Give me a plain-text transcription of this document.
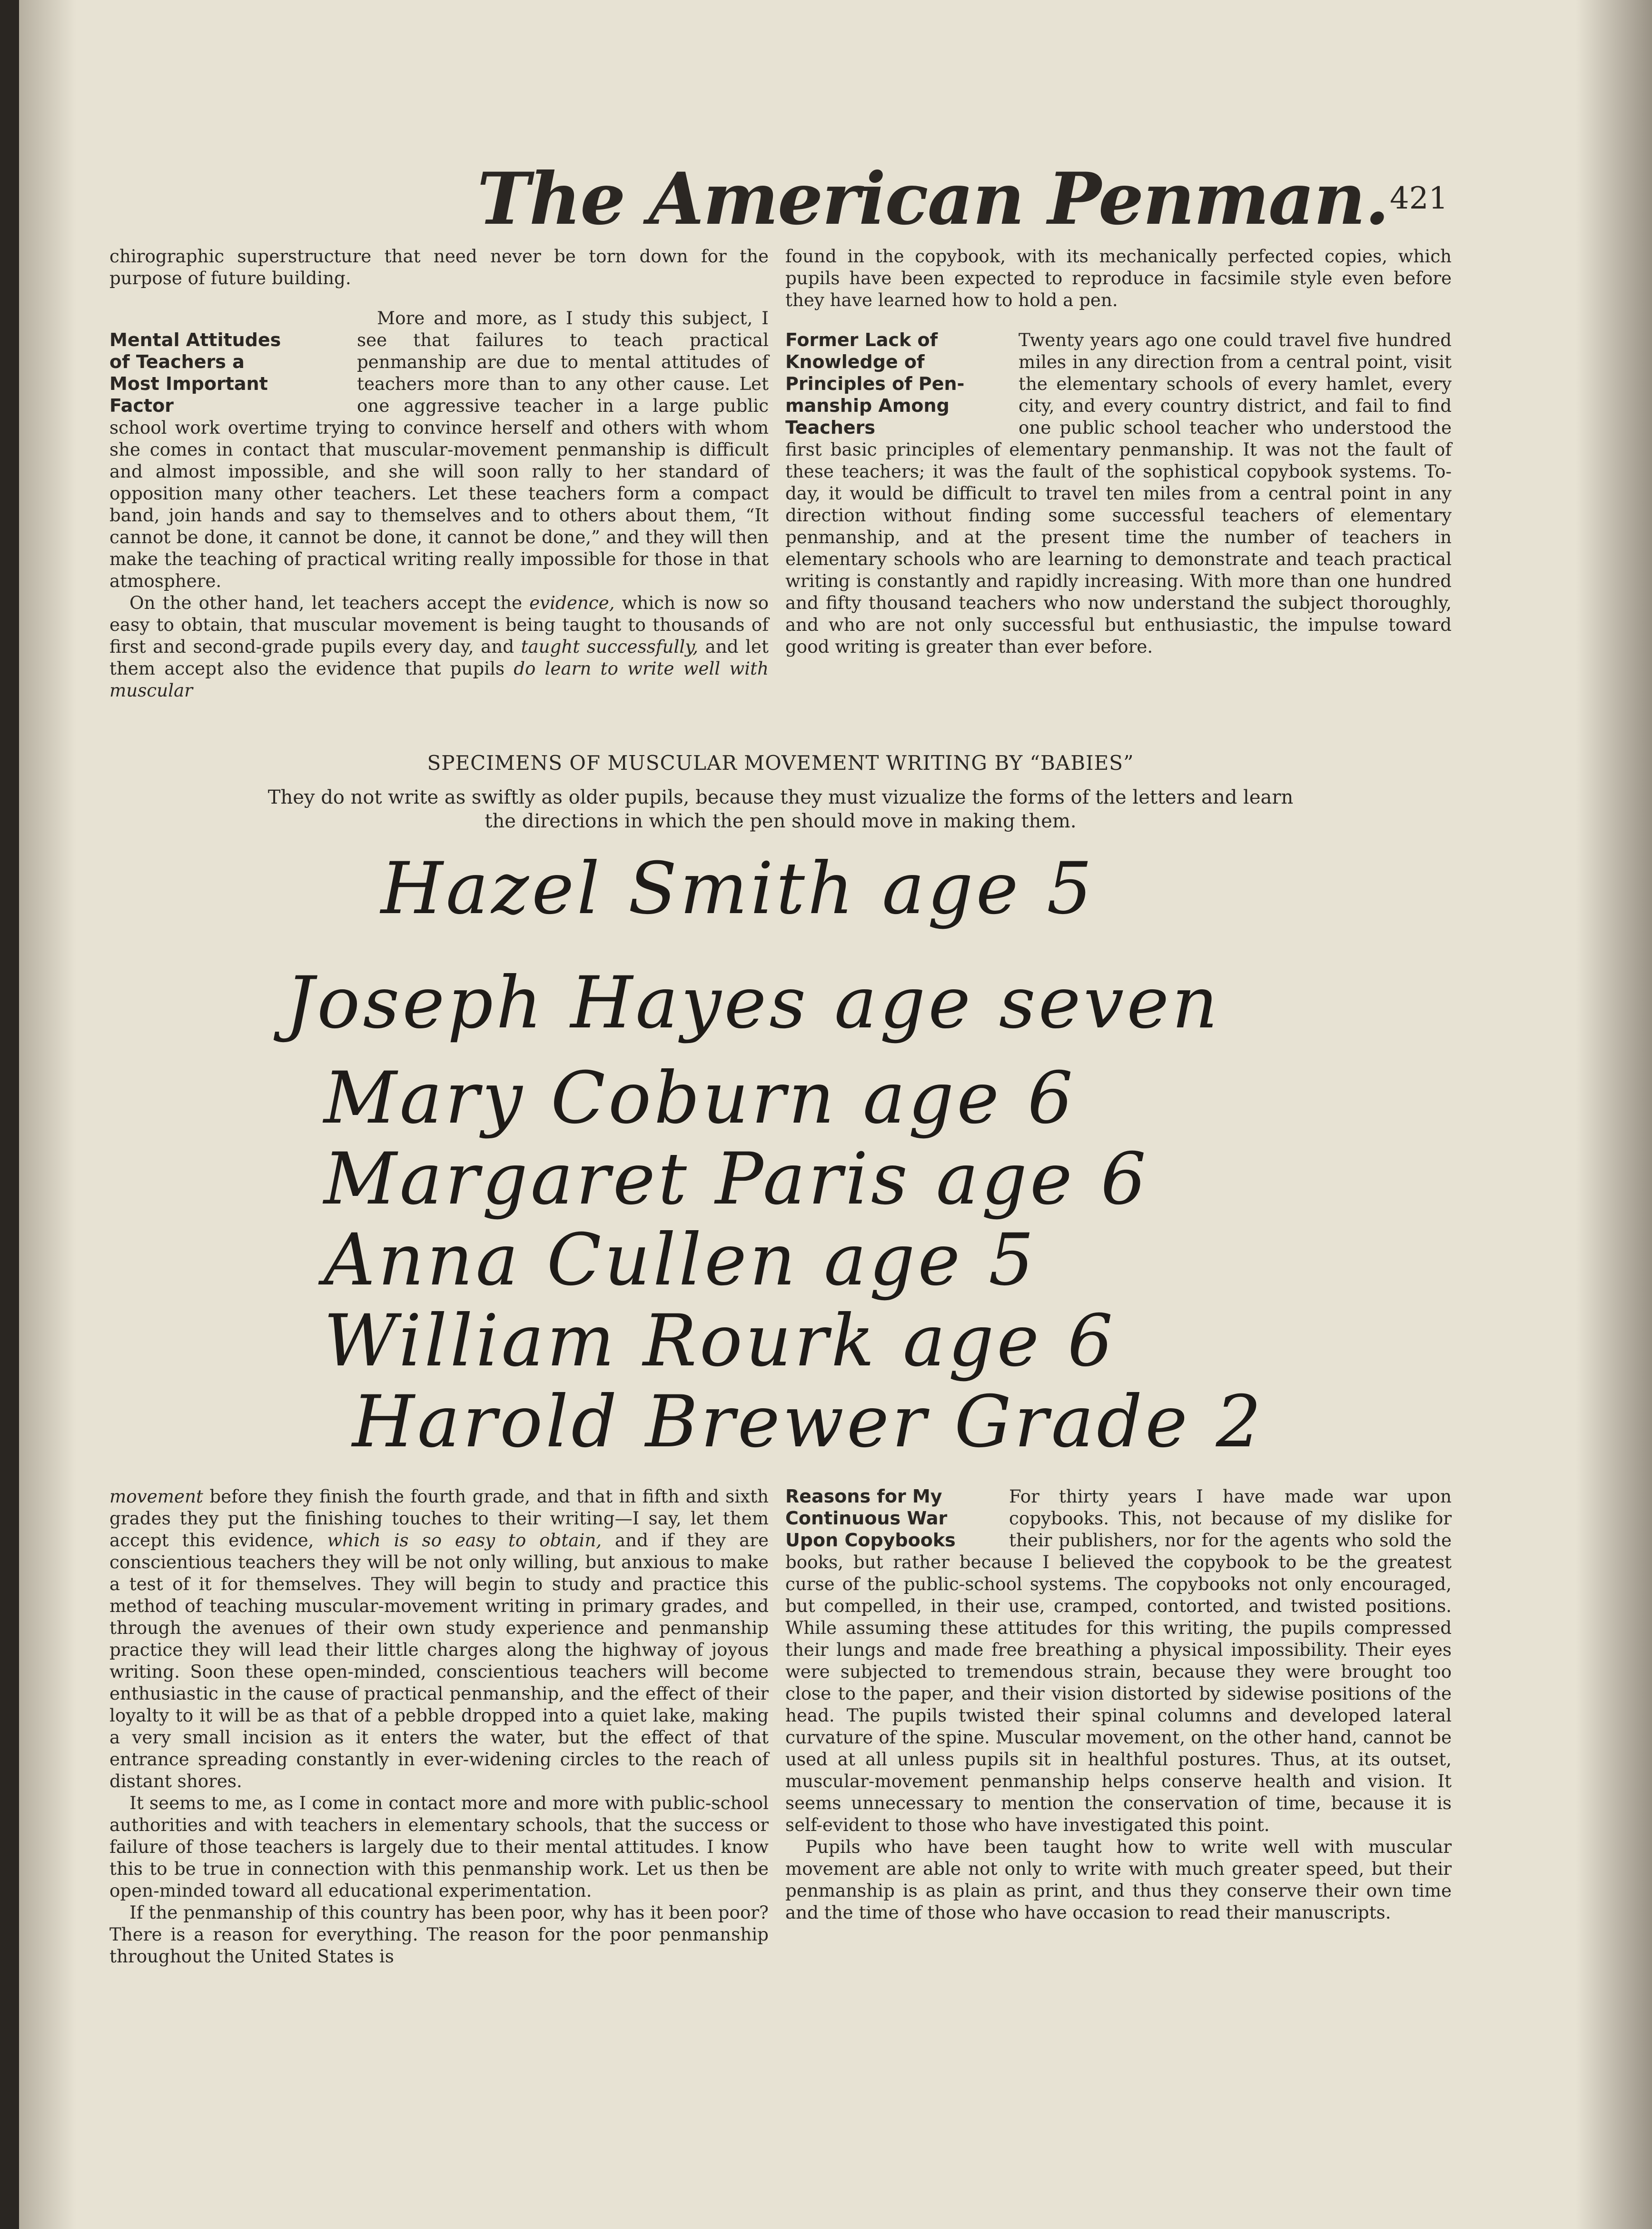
The American Penman. 421

chirographic superstructure that need never be torn down for the purpose of future building.

Mental Attitudes
of Teachers a
Most Important
Factor

More and more, as I study this subject, I see that failures to teach practical penmanship are due to mental attitudes of teachers more than to any other cause. Let one aggressive teacher in a large public school work overtime trying to convince herself and others with whom she comes in contact that muscular-movement penmanship is difficult and almost impossible, and she will soon rally to her standard of opposition many other teachers. Let these teachers form a compact band, join hands and say to themselves and to others about them, “It cannot be done, it cannot be done, it cannot be done,” and they will then make the teaching of practical writing really impossible for those in that atmosphere.

On the other hand, let teachers accept the evidence, which is now so easy to obtain, that muscular movement is being taught to thousands of first and second-grade pupils every day, and taught successfully, and let them accept also the evidence that pupils do learn to write well with muscular

found in the copybook, with its mechanically perfected copies, which pupils have been expected to reproduce in facsimile style even before they have learned how to hold a pen.

Former Lack of
Knowledge of
Principles of Pen-
manship Among
Teachers

Twenty years ago one could travel five hundred miles in any direction from a central point, visit the elementary schools of every hamlet, every city, and every country district, and fail to find one public school teacher who understood the first basic principles of elementary penmanship. It was not the fault of these teachers; it was the fault of the sophistical copybook systems. To-day, it would be difficult to travel ten miles from a central point in any direction without finding some successful teachers of elementary penmanship, and at the present time the number of teachers in elementary schools who are learning to demonstrate and teach practical writing is constantly and rapidly increasing. With more than one hundred and fifty thousand teachers who now understand the subject thoroughly, and who are not only successful but enthusiastic, the impulse toward good writing is greater than ever before.

SPECIMENS OF MUSCULAR MOVEMENT WRITING BY “BABIES”
They do not write as swiftly as older pupils, because they must vizualize the forms of the letters and learn the directions in which the pen should move in making them.
Hazel Smith age 5
Joseph Hayes age seven
Mary Coburn age 6
Margaret Paris age 6
Anna Cullen age 5
William Rourk age 6
Harold Brewer Grade 2

movement before they finish the fourth grade, and that in fifth and sixth grades they put the finishing touches to their writing—I say, let them accept this evidence, which is so easy to obtain, and if they are conscientious teachers they will be not only willing, but anxious to make a test of it for themselves. They will begin to study and practice this method of teaching muscular-movement writing in primary grades, and through the avenues of their own study experience and penmanship practice they will lead their little charges along the highway of joyous writing. Soon these open-minded, conscientious teachers will become enthusiastic in the cause of practical penmanship, and the effect of their loyalty to it will be as that of a pebble dropped into a quiet lake, making a very small incision as it enters the water, but the effect of that entrance spreading constantly in ever-widening circles to the reach of distant shores.

It seems to me, as I come in contact more and more with public-school authorities and with teachers in elementary schools, that the success or failure of those teachers is largely due to their mental attitudes. I know this to be true in connection with this penmanship work. Let us then be open-minded toward all educational experimentation.

If the penmanship of this country has been poor, why has it been poor? There is a reason for everything. The reason for the poor penmanship throughout the United States is

Reasons for My
Continuous War
Upon Copybooks

For thirty years I have made war upon copybooks. This, not because of my dislike for their publishers, nor for the agents who sold the books, but rather because I believed the copybook to be the greatest curse of the public-school systems. The copybooks not only encouraged, but compelled, in their use, cramped, contorted, and twisted positions. While assuming these attitudes for this writing, the pupils compressed their lungs and made free breathing a physical impossibility. Their eyes were subjected to tremendous strain, because they were brought too close to the paper, and their vision distorted by sidewise positions of the head. The pupils twisted their spinal columns and developed lateral curvature of the spine. Muscular movement, on the other hand, cannot be used at all unless pupils sit in healthful postures. Thus, at its outset, muscular-movement penmanship helps conserve health and vision. It seems unnecessary to mention the conservation of time, because it is self-evident to those who have investigated this point.

Pupils who have been taught how to write well with muscular movement are able not only to write with much greater speed, but their penmanship is as plain as print, and thus they conserve their own time and the time of those who have occasion to read their manuscripts.
